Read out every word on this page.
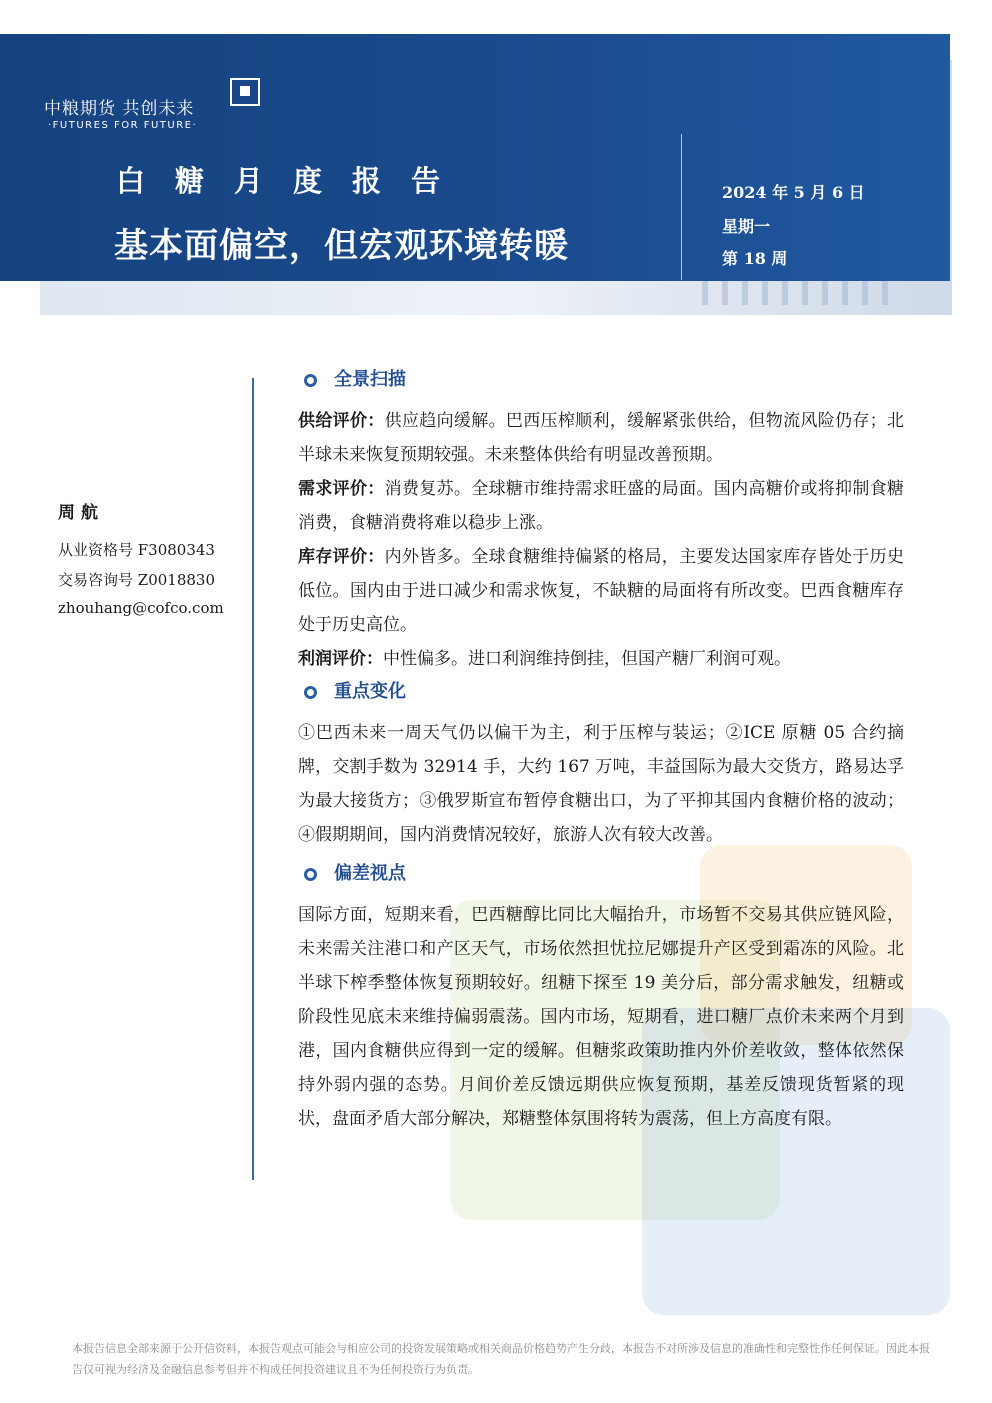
中粮期货 共创未来
·FUTURES FOR FUTURE·
白糖月度报告
基本面偏空，但宏观环境转暖
2024 年 5 月 6 日
星期一
第 18 周
周航
从业资格号 F3080343
交易咨询号 Z0018830
zhouhang@cofco.com
全景扫描

供给评价：供应趋向缓解。巴西压榨顺利，缓解紧张供给，但物流风险仍存；北半球未来恢复预期较强。未来整体供给有明显改善预期。

需求评价：消费复苏。全球糖市维持需求旺盛的局面。国内高糖价或将抑制食糖消费，食糖消费将难以稳步上涨。

库存评价：内外皆多。全球食糖维持偏紧的格局，主要发达国家库存皆处于历史低位。国内由于进口减少和需求恢复，不缺糖的局面将有所改变。巴西食糖库存处于历史高位。

利润评价：中性偏多。进口利润维持倒挂，但国产糖厂利润可观。

重点变化

①巴西未来一周天气仍以偏干为主，利于压榨与装运；②ICE 原糖 05 合约摘牌，交割手数为 32914 手，大约 167 万吨，丰益国际为最大交货方，路易达孚为最大接货方；③俄罗斯宣布暂停食糖出口，为了平抑其国内食糖价格的波动；④假期期间，国内消费情况较好，旅游人次有较大改善。

偏差视点

国际方面，短期来看，巴西糖醇比同比大幅抬升，市场暂不交易其供应链风险，未来需关注港口和产区天气，市场依然担忧拉尼娜提升产区受到霜冻的风险。北半球下榨季整体恢复预期较好。纽糖下探至 19 美分后，部分需求触发，纽糖或阶段性见底未来维持偏弱震荡。国内市场，短期看，进口糖厂点价未来两个月到港，国内食糖供应得到一定的缓解。但糖浆政策助推内外价差收敛，整体依然保持外弱内强的态势。月间价差反馈远期供应恢复预期，基差反馈现货暂紧的现状，盘面矛盾大部分解决，郑糖整体氛围将转为震荡，但上方高度有限。

本报告信息全部来源于公开信资料，本报告观点可能会与相应公司的投资发展策略或相关商品价格趋势产生分歧，本报告不对所涉及信息的准确性和完整性作任何保证。因此本报告仅可视为经济及金融信息参考但并不构成任何投资建议且不为任何投资行为负责。
